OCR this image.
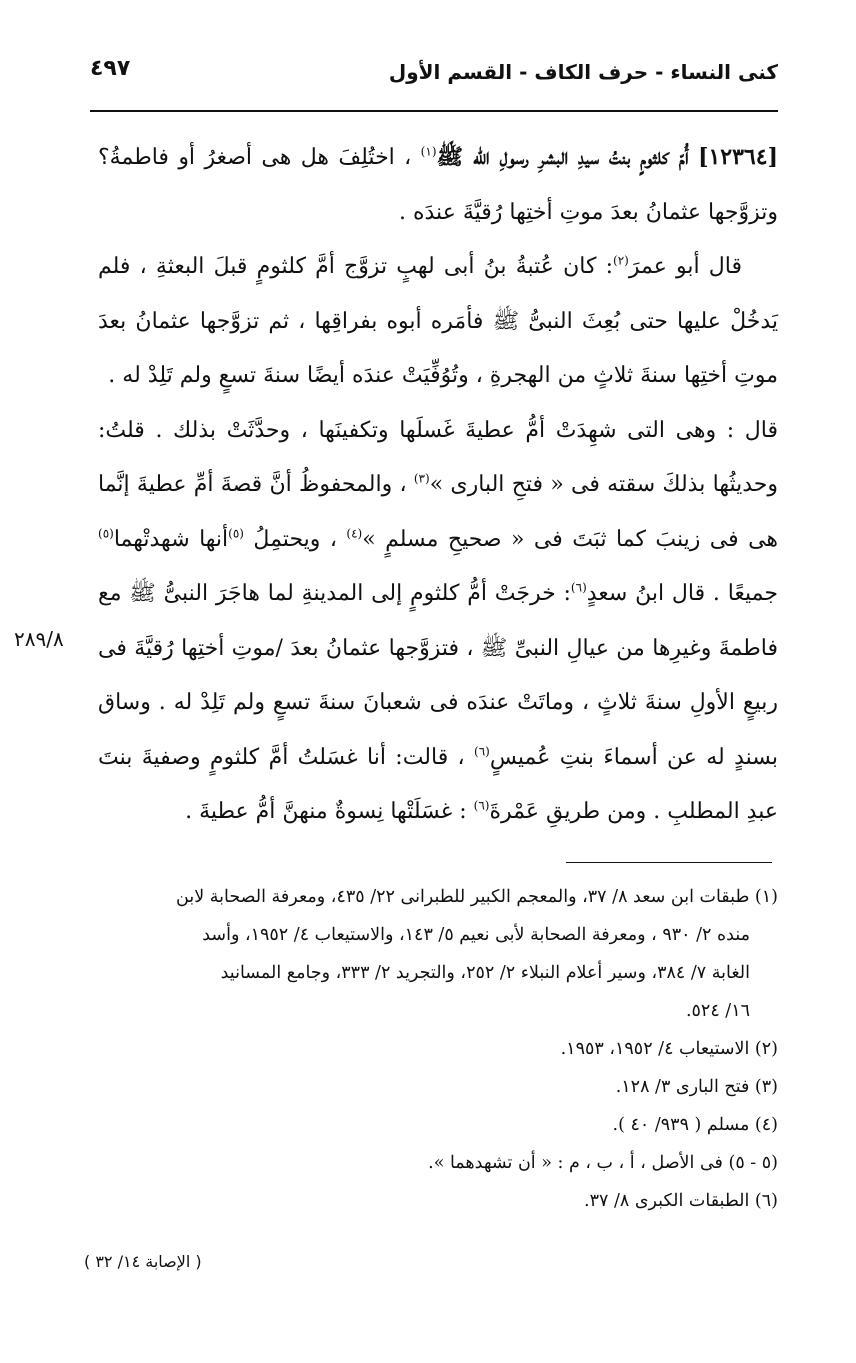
كنى النساء - حرف الكاف - القسم الأول
٤٩٧

[١٢٣٦٤] أُمّ كلثومٍ بنتُ سيدِ البشرِ رسولِ الله ﷺ$^{(١)}$ ، اختُلِفَ هل هى أصغرُ أو فاطمةُ؟ وتزوَّجها عثمانُ بعدَ موتِ أختِها رُقيَّةَ عندَه .

قال أبو عمرَ$^{(٢)}$: كان عُتبةُ بنُ أبى لهبٍ تزوَّج أمَّ كلثومٍ قبلَ البعثةِ ، فلم يَدخُلْ عليها حتى بُعِثَ النبىُّ ﷺ فأمَره أبوه بفراقِها ، ثم تزوَّجها عثمانُ بعدَ موتِ أختِها سنةَ ثلاثٍ من الهجرةِ ، وتُوُفِّيَتْ عندَه أيضًا سنةَ تسعٍ ولم تَلِدْ له .

قال : وهى التى شهِدَتْ أمُّ عطيةَ غَسلَها وتكفينَها ، وحدَّثَتْ بذلك . قلتُ: وحديثُها بذلكَ سقته فى « فتحِ البارى »$^{(٣)}$ ، والمحفوظُ أنَّ قصةَ أمِّ عطيةَ إنَّما هى فى زينبَ كما ثبَتَ فى « صحيحِ مسلمٍ »$^{(٤)}$ ، ويحتمِلُ $^{(٥)}$أنها شهدتْهما$^{(٥)}$ جميعًا . قال ابنُ سعدٍ$^{(٦)}$: خرجَتْ أمُّ كلثومٍ إلى المدينةِ لما هاجَرَ النبىُّ ﷺ مع فاطمةَ وغيرِها من عيالِ النبىِّ ﷺ ، فتزوَّجها عثمانُ بعدَ /موتِ أختِها رُقيَّةَ فى ربيعٍ الأولِ سنةَ ثلاثٍ ، وماتَتْ عندَه فى شعبانَ سنةَ تسعٍ ولم تَلِدْ له . وساق بسندٍ له عن أسماءَ بنتِ عُميسٍ$^{(٦)}$ ، قالت: أنا غسَلتُ أمَّ كلثومٍ وصفيةَ بنتَ عبدِ المطلبِ . ومن طريقِ عَمْرةَ$^{(٦)}$ : غسَلَتْها نِسوةٌ منهنَّ أمُّ عطيةَ .

٢٨٩/٨
(١) طبقات ابن سعد ٨/ ٣٧، والمعجم الكبير للطبرانى ٢٢/ ٤٣٥، ومعرفة الصحابة لابن
منده ٢/ ٩٣٠ ، ومعرفة الصحابة لأبى نعيم ٥/ ١٤٣، والاستيعاب ٤/ ١٩٥٢، وأسد
الغابة ٧/ ٣٨٤، وسير أعلام النبلاء ٢/ ٢٥٢، والتجريد ٢/ ٣٣٣، وجامع المسانيد
١٦/ ٥٢٤.
(٢) الاستيعاب ٤/ ١٩٥٢، ١٩٥٣.
(٣) فتح البارى ٣/ ١٢٨.
(٤) مسلم ( ٩٣٩/ ٤٠ ).
(٥ - ٥) فى الأصل ، أ ، ب ، م : « أن تشهدهما ».
(٦) الطبقات الكبرى ٨/ ٣٧.
( الإصابة ١٤/ ٣٢ )
